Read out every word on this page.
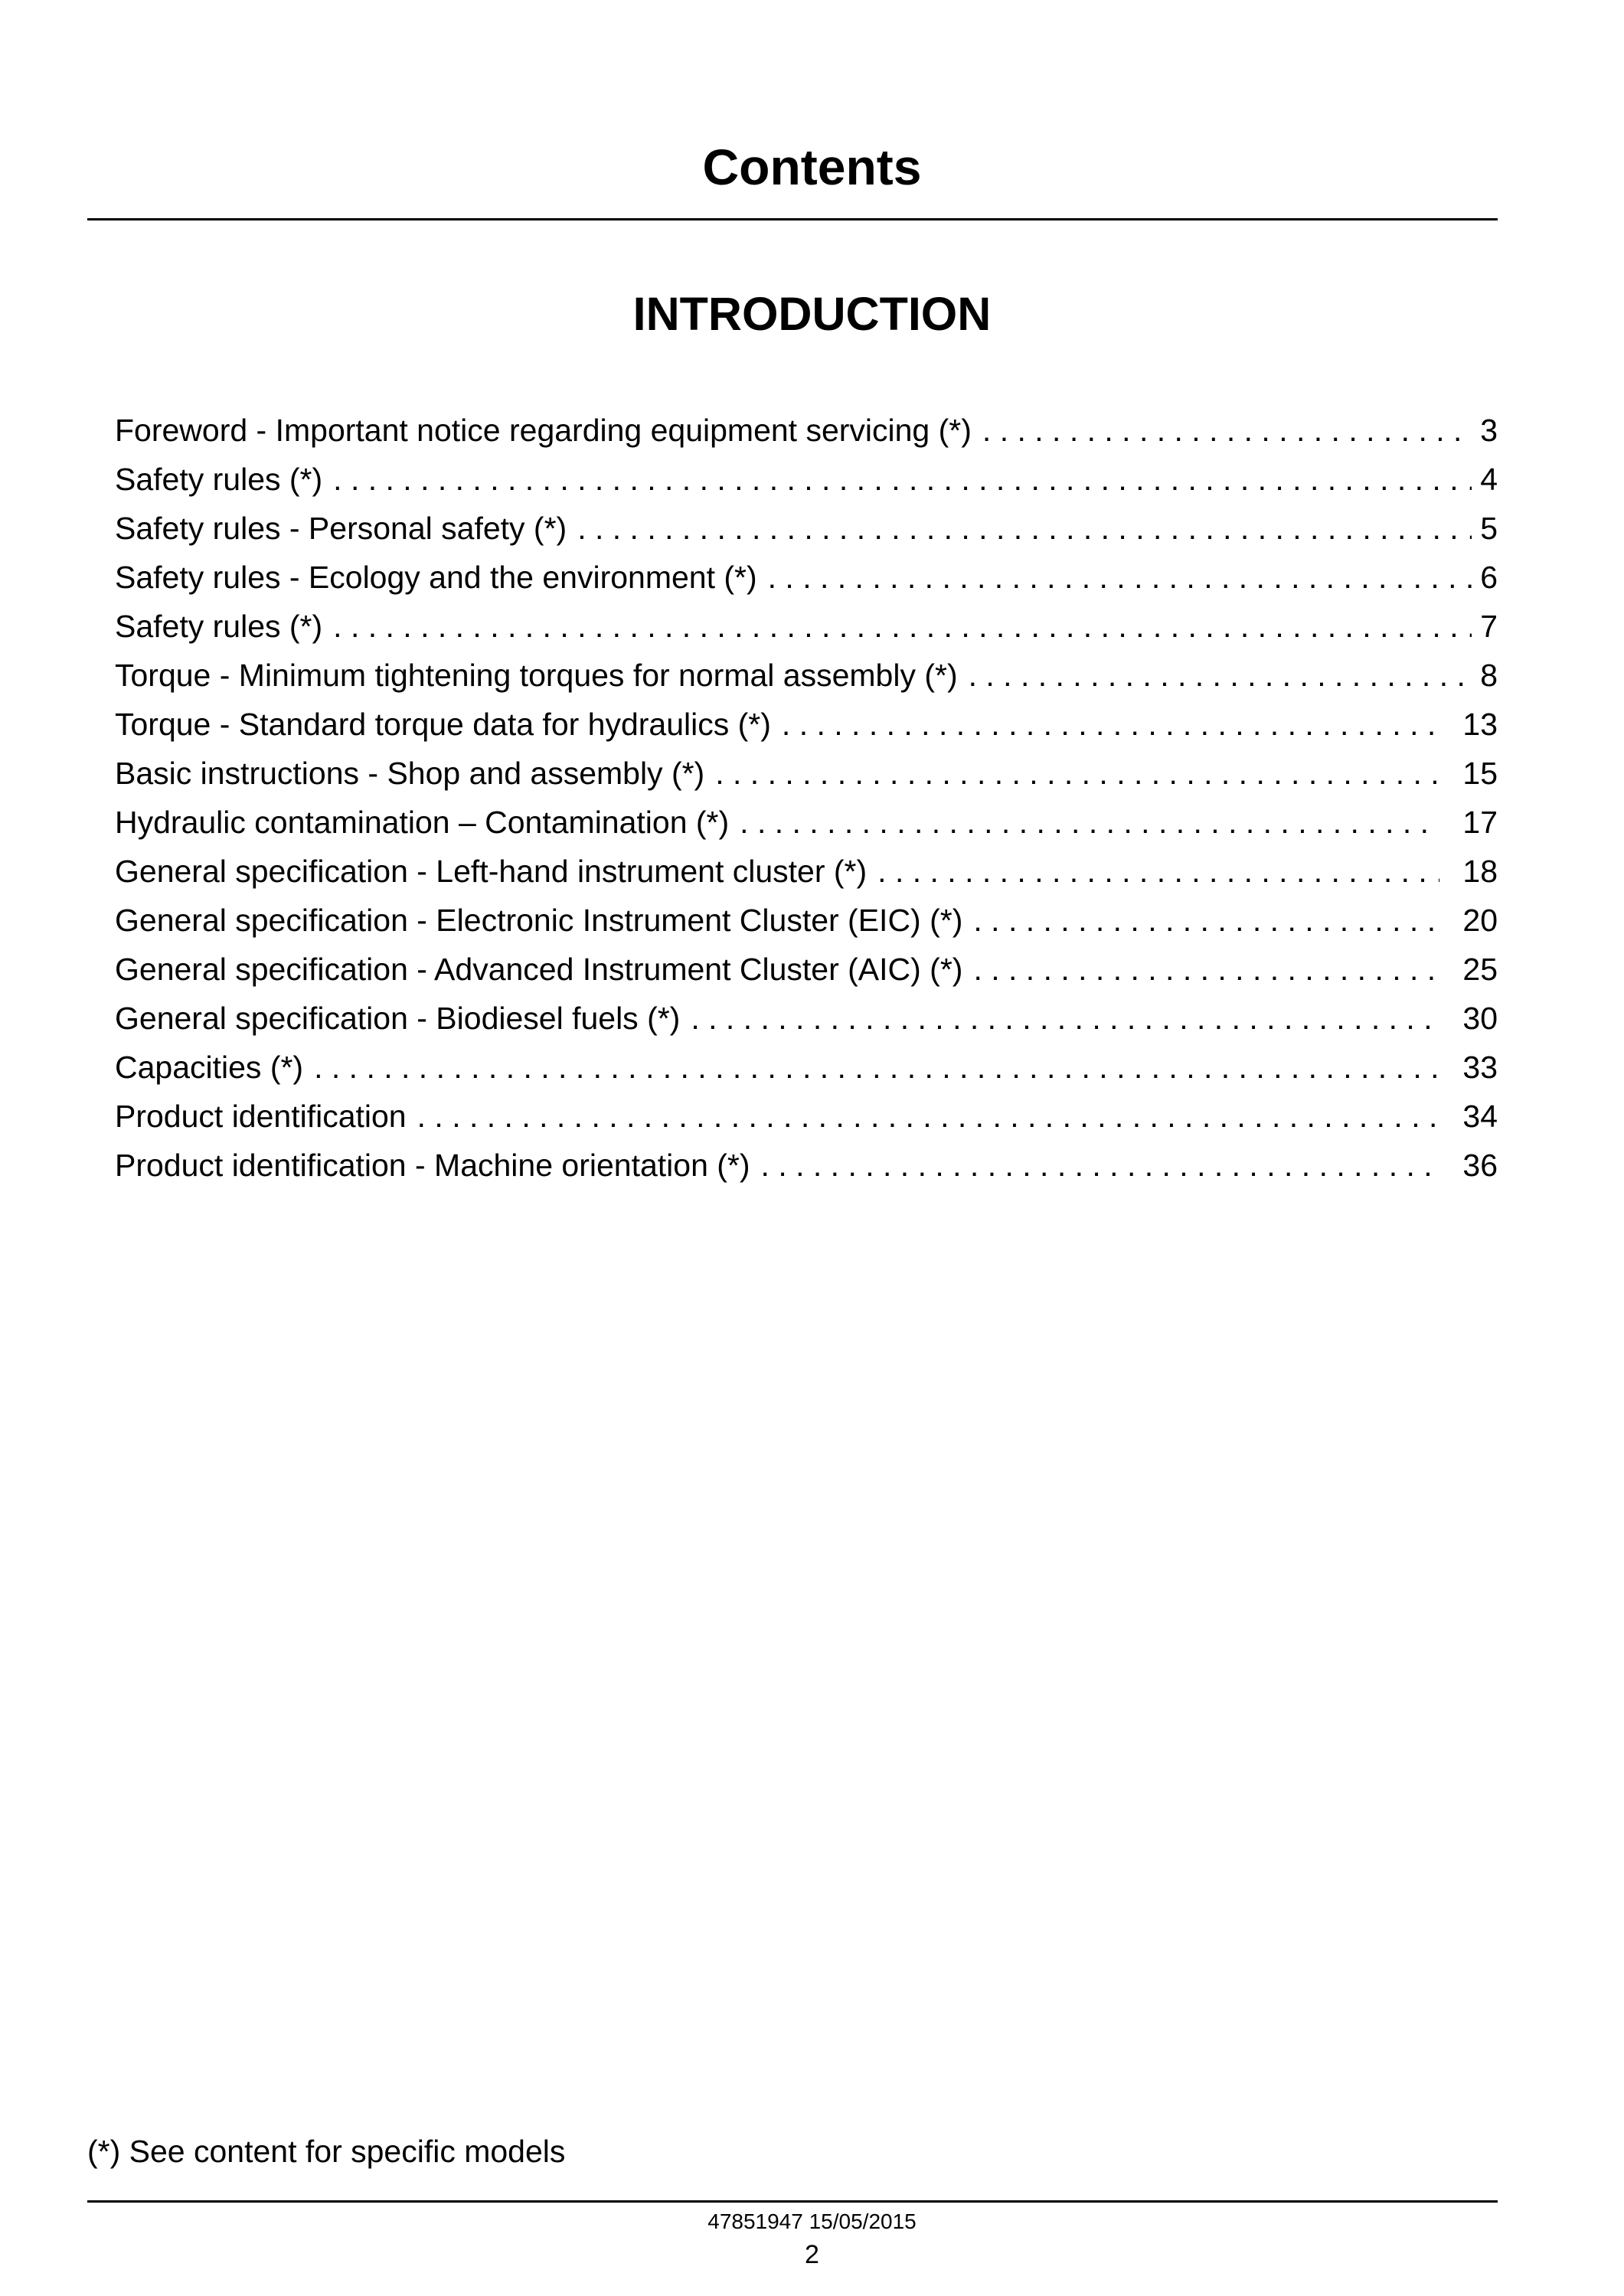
Contents
INTRODUCTION
Foreword - Important notice regarding equipment servicing (*) . . .	3
Safety rules (*) . . .	4
Safety rules - Personal safety (*) . . .	5
Safety rules - Ecology and the environment (*) . . .	6
Safety rules (*) . . .	7
Torque - Minimum tightening torques for normal assembly (*) . . .	8
Torque - Standard torque data for hydraulics (*) . . .	13
Basic instructions - Shop and assembly (*) . . .	15
Hydraulic contamination – Contamination (*) . . .	17
General specification - Left-hand instrument cluster (*) . . .	18
General specification - Electronic Instrument Cluster (EIC) (*) . . .	20
General specification - Advanced Instrument Cluster (AIC) (*) . . .	25
General specification - Biodiesel fuels (*) . . .	30
Capacities (*) . . .	33
Product identification . . .	34
Product identification - Machine orientation (*) . . .	36
(*) See content for specific models
47851947 15/05/2015
2
